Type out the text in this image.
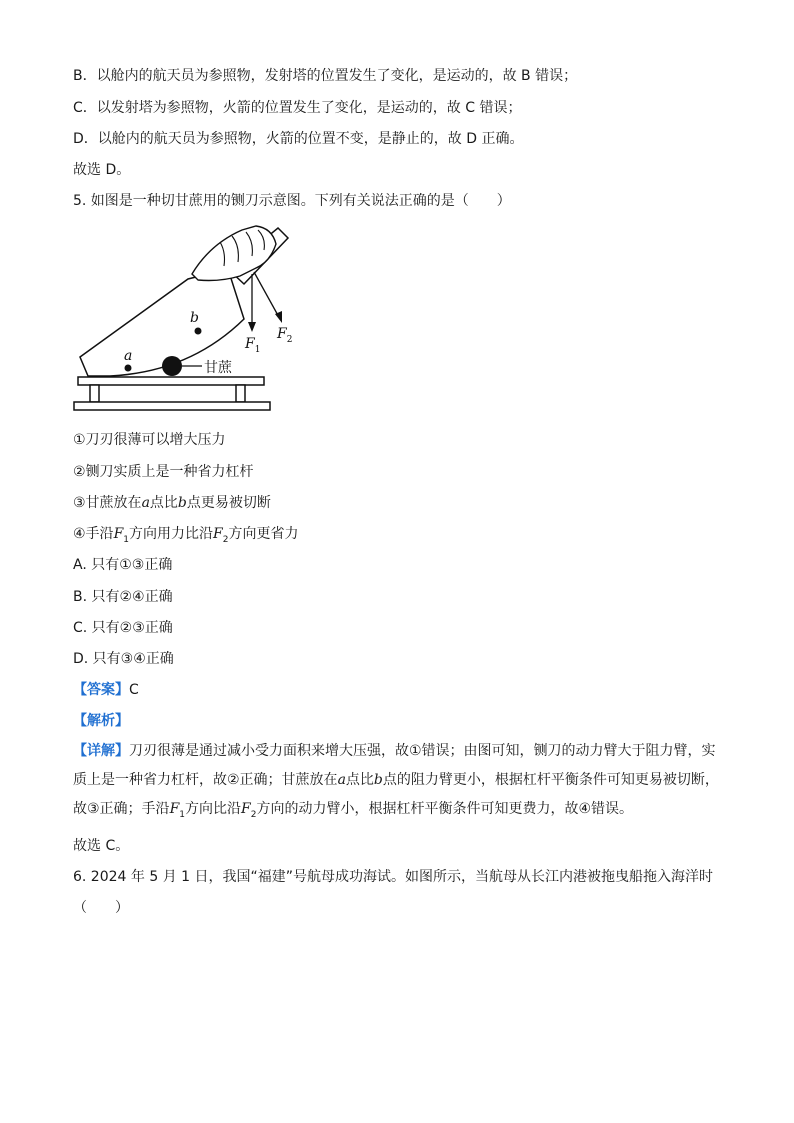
B．以舱内的航天员为参照物，发射塔的位置发生了变化，是运动的，故 B 错误；
C．以发射塔为参照物，火箭的位置发生了变化，是运动的，故 C 错误；
D．以舱内的航天员为参照物，火箭的位置不变，是静止的，故 D 正确。
故选 D。
5. 如图是一种切甘蔗用的铡刀示意图。下列有关说法正确的是（　　）
甘蔗
a
b
$F_1$
$F_2$
①刀刃很薄可以增大压力
②铡刀实质上是一种省力杠杆
③甘蔗放在a点比b点更易被切断
④手沿$F_1$方向用力比沿$F_2$方向更省力
A. 只有①③正确
B. 只有②④正确
C. 只有②③正确
D. 只有③④正确
【答案】C
【解析】
【详解】刀刃很薄是通过减小受力面积来增大压强，故①错误；由图可知，铡刀的动力臂大于阻力臂，实质上是一种省力杠杆，故②正确；甘蔗放在a点比b点的阻力臂更小，根据杠杆平衡条件可知更易被切断，故③正确；手沿$F_1$方向比沿$F_2$方向的动力臂小，根据杠杆平衡条件可知更费力，故④错误。
故选 C。
6. 2024 年 5 月 1 日，我国“福建”号航母成功海试。如图所示，当航母从长江内港被拖曳船拖入海洋时
（　　）
